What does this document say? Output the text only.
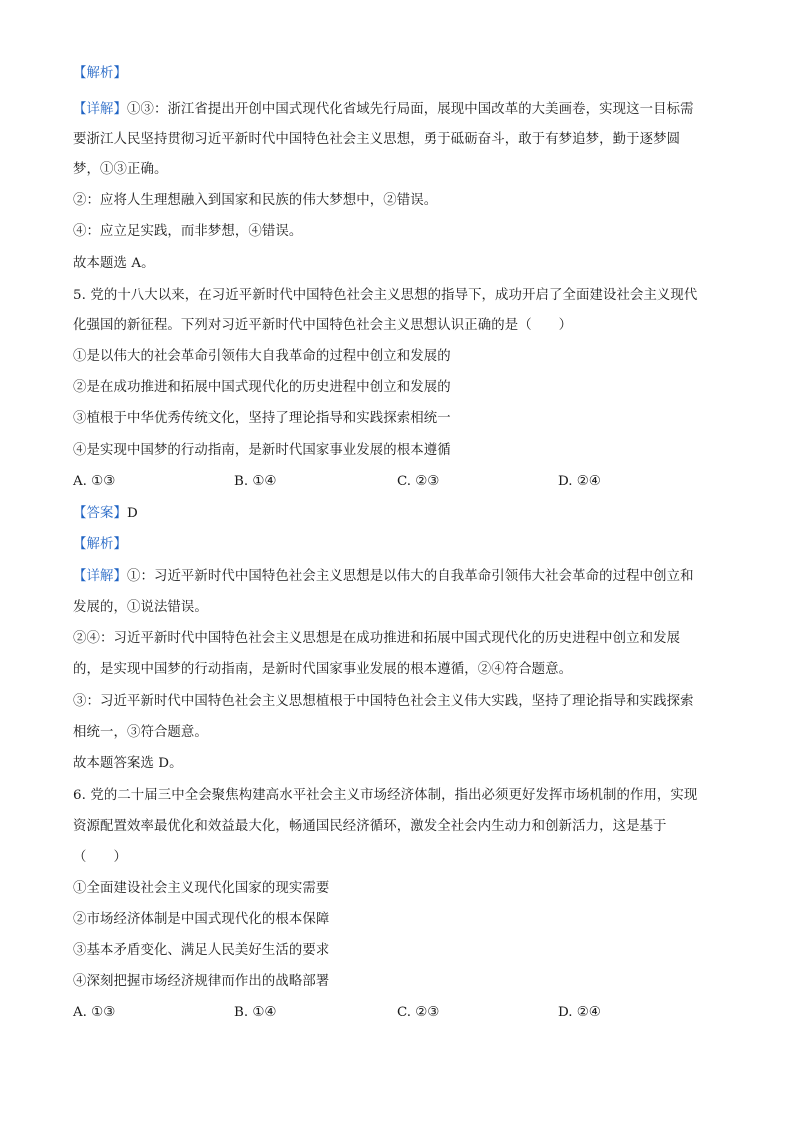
【解析】
【详解】①③：浙江省提出开创中国式现代化省域先行局面，展现中国改革的大美画卷，实现这一目标需
要浙江人民坚持贯彻习近平新时代中国特色社会主义思想，勇于砥砺奋斗，敢于有梦追梦，勤于逐梦圆
梦，①③正确。
②：应将人生理想融入到国家和民族的伟大梦想中，②错误。
④：应立足实践，而非梦想，④错误。
故本题选 A。
5. 党的十八大以来，在习近平新时代中国特色社会主义思想的指导下，成功开启了全面建设社会主义现代
化强国的新征程。下列对习近平新时代中国特色社会主义思想认识正确的是（　　）
①是以伟大的社会革命引领伟大自我革命的过程中创立和发展的
②是在成功推进和拓展中国式现代化的历史进程中创立和发展的
③植根于中华优秀传统文化，坚持了理论指导和实践探索相统一
④是实现中国梦的行动指南，是新时代国家事业发展的根本遵循
A. ①③	B. ①④	C. ②③	D. ②④
【答案】D
【解析】
【详解】①：习近平新时代中国特色社会主义思想是以伟大的自我革命引领伟大社会革命的过程中创立和
发展的，①说法错误。
②④：习近平新时代中国特色社会主义思想是在成功推进和拓展中国式现代化的历史进程中创立和发展
的，是实现中国梦的行动指南，是新时代国家事业发展的根本遵循，②④符合题意。
③：习近平新时代中国特色社会主义思想植根于中国特色社会主义伟大实践，坚持了理论指导和实践探索
相统一，③符合题意。
故本题答案选 D。
6. 党的二十届三中全会聚焦构建高水平社会主义市场经济体制，指出必须更好发挥市场机制的作用，实现
资源配置效率最优化和效益最大化，畅通国民经济循环，激发全社会内生动力和创新活力，这是基于
（　　）
①全面建设社会主义现代化国家的现实需要
②市场经济体制是中国式现代化的根本保障
③基本矛盾变化、满足人民美好生活的要求
④深刻把握市场经济规律而作出的战略部署
A. ①③	B. ①④	C. ②③	D. ②④
